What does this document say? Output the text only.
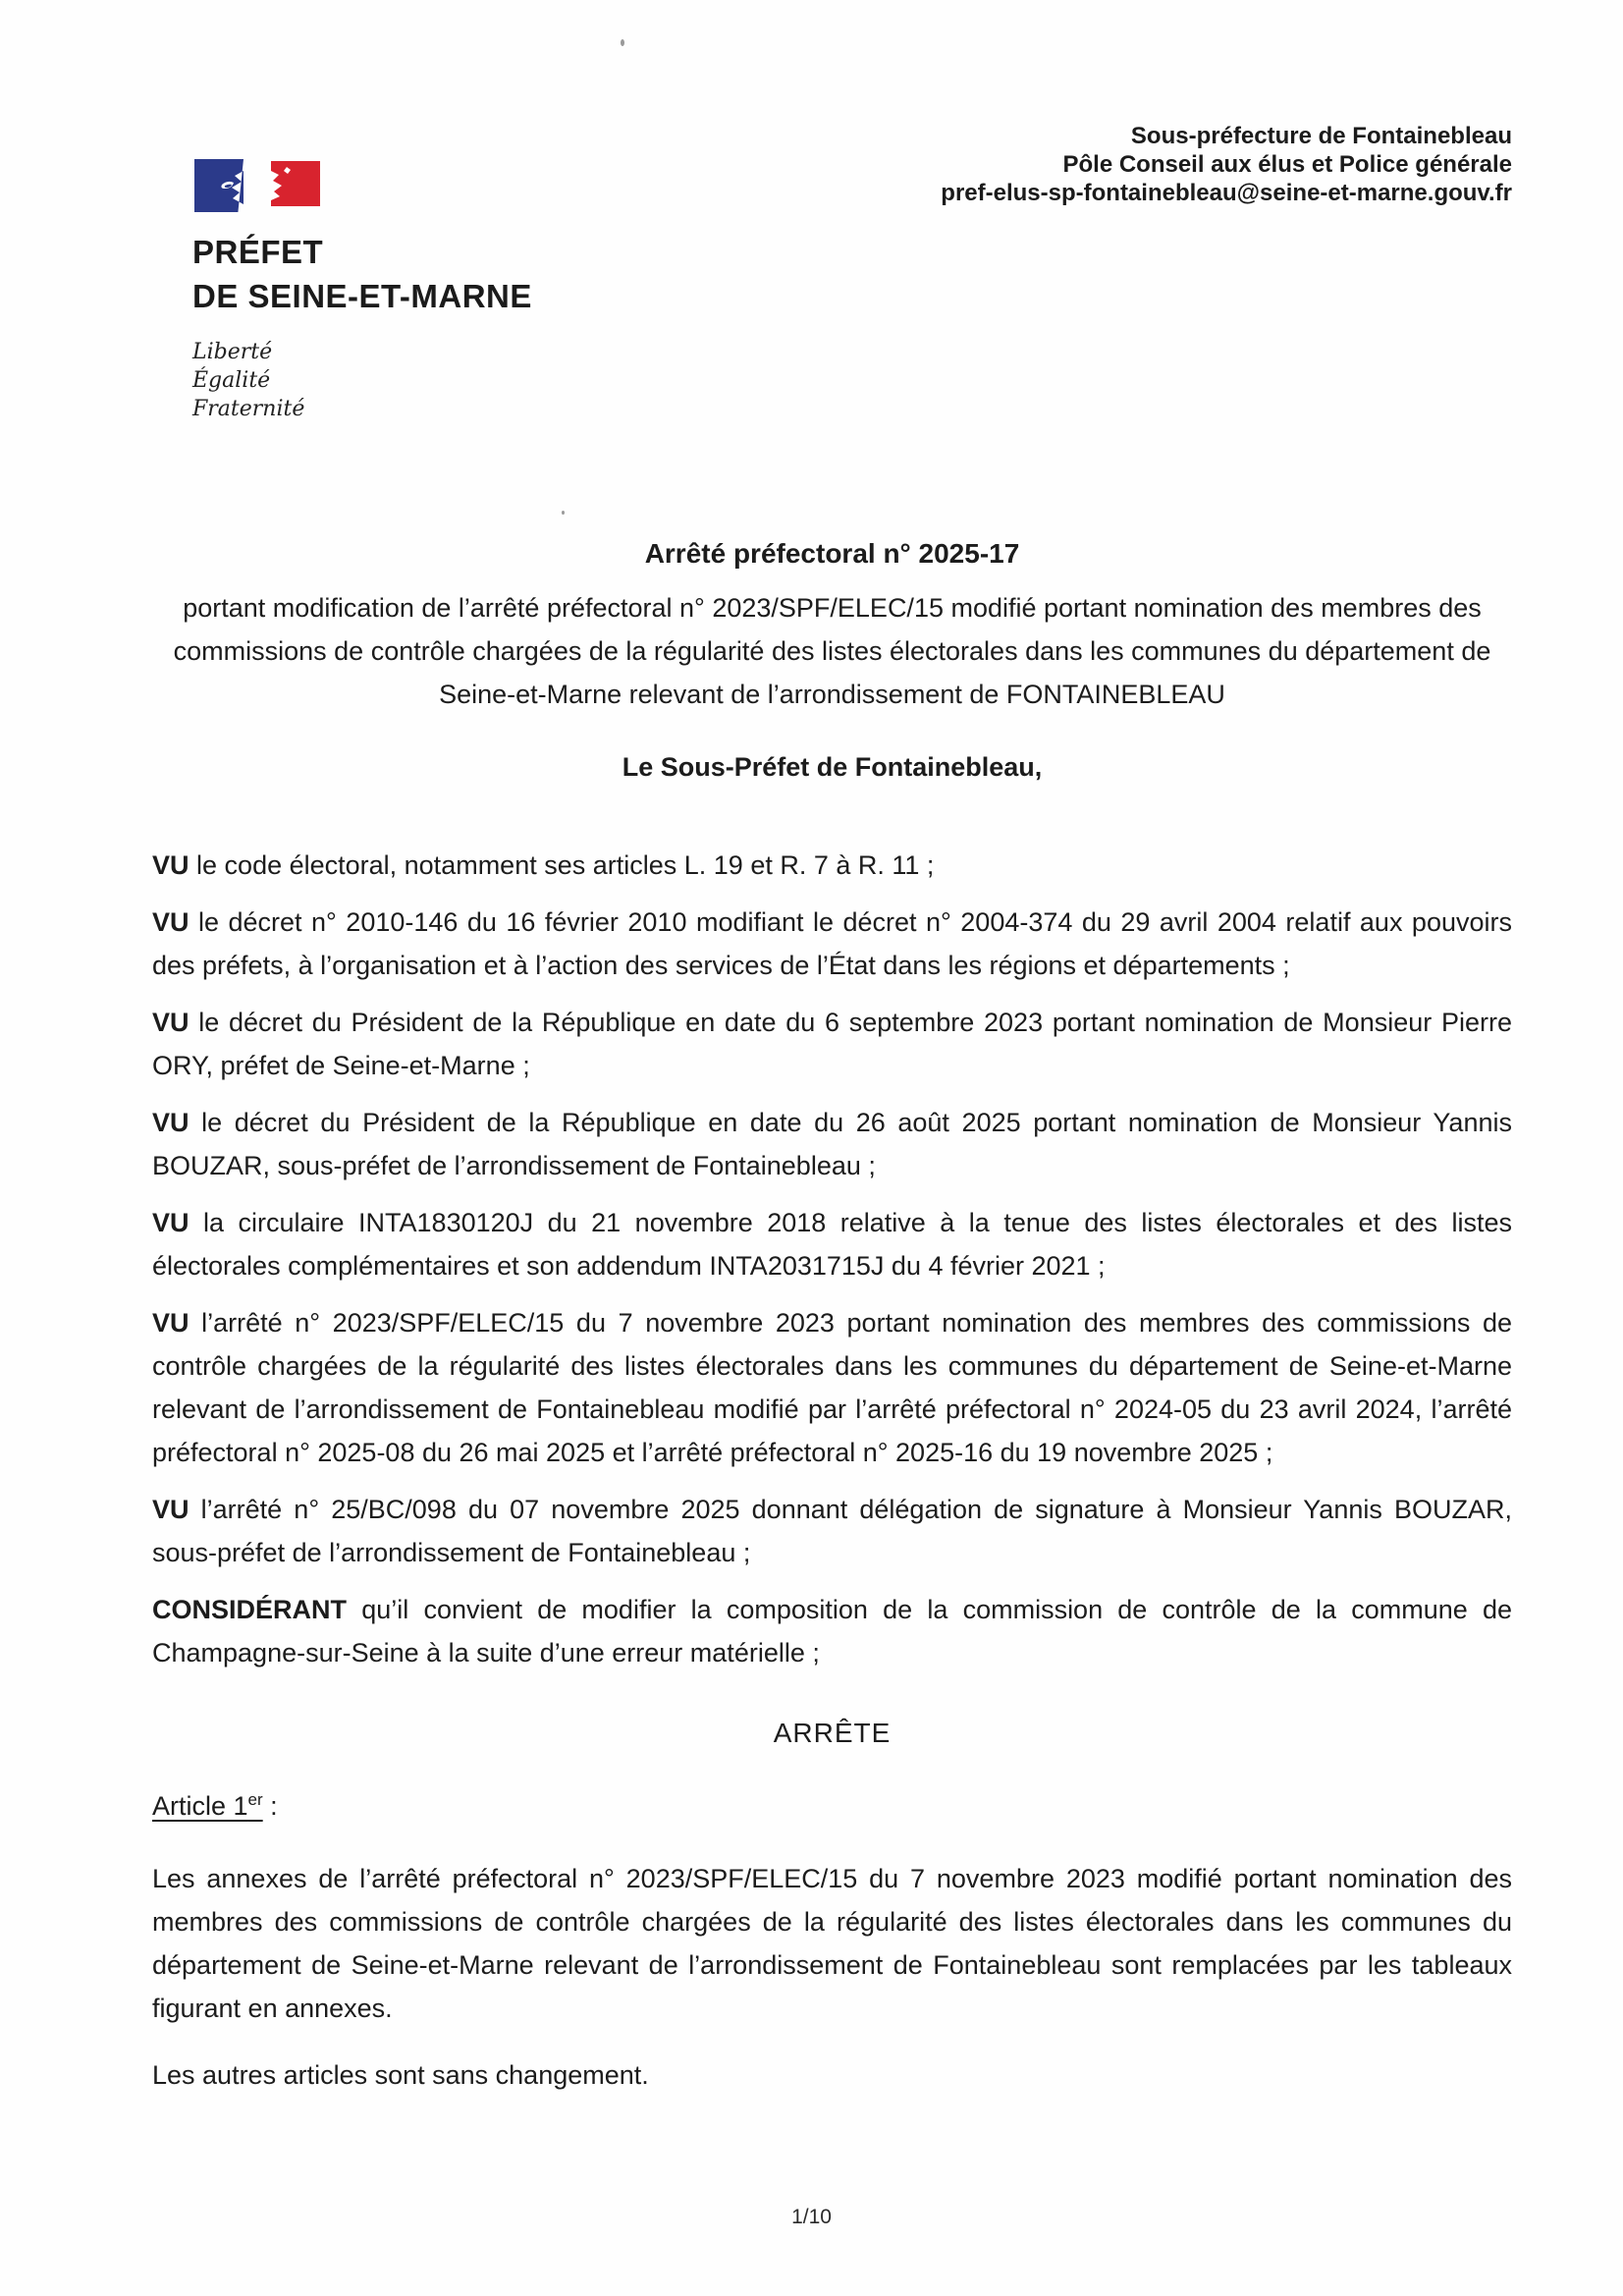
PRÉFET
DE SEINE-ET-MARNE
Liberté
Égalité
Fraternité
Sous-préfecture de Fontainebleau
Pôle Conseil aux élus et Police générale
pref-elus-sp-fontainebleau@seine-et-marne.gouv.fr
Arrêté préfectoral n° 2025-17
portant modification de l’arrêté préfectoral n° 2023/SPF/ELEC/15 modifié portant nomination des membres des commissions de contrôle chargées de la régularité des listes électorales dans les communes du département de Seine-et-Marne relevant de l’arrondissement de FONTAINEBLEAU
Le Sous-Préfet de Fontainebleau,

VU le code électoral, notamment ses articles L. 19 et R. 7 à R. 11 ;

VU le décret n° 2010-146 du 16 février 2010 modifiant le décret n° 2004-374 du 29 avril 2004 relatif aux pouvoirs des préfets, à l’organisation et à l’action des services de l’État dans les régions et départements ;

VU le décret du Président de la République en date du 6 septembre 2023 portant nomination de Monsieur Pierre ORY, préfet de Seine-et-Marne ;

VU le décret du Président de la République en date du 26 août 2025 portant nomination de Monsieur Yannis BOUZAR, sous-préfet de l’arrondissement de Fontainebleau ;

VU la circulaire INTA1830120J du 21 novembre 2018 relative à la tenue des listes électorales et des listes électorales complémentaires et son addendum INTA2031715J du 4 février 2021 ;

VU l’arrêté n° 2023/SPF/ELEC/15 du 7 novembre 2023 portant nomination des membres des commissions de contrôle chargées de la régularité des listes électorales dans les communes du département de Seine-et-Marne relevant de l’arrondissement de Fontainebleau modifié par l’arrêté préfectoral n° 2024-05 du 23 avril 2024, l’arrêté préfectoral n° 2025-08 du 26 mai 2025 et l’arrêté préfectoral n° 2025-16 du 19 novembre 2025 ;

VU l’arrêté n° 25/BC/098 du 07 novembre 2025 donnant délégation de signature à Monsieur Yannis BOUZAR, sous-préfet de l’arrondissement de Fontainebleau ;

CONSIDÉRANT qu’il convient de modifier la composition de la commission de contrôle de la commune de Champagne-sur-Seine à la suite d’une erreur matérielle ;

ARRÊTE
Article 1er :

Les annexes de l’arrêté préfectoral n° 2023/SPF/ELEC/15 du 7 novembre 2023 modifié portant nomination des membres des commissions de contrôle chargées de la régularité des listes électorales dans les communes du département de Seine-et-Marne relevant de l’arrondissement de Fontainebleau sont remplacées par les tableaux figurant en annexes.

Les autres articles sont sans changement.

1/10
